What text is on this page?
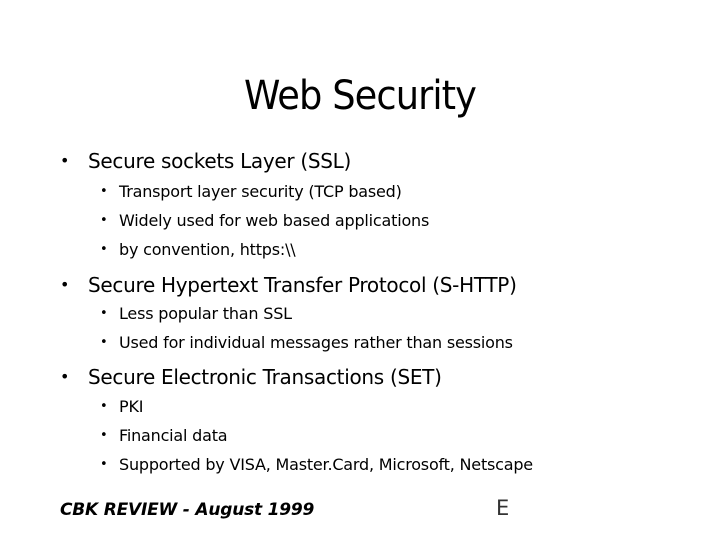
Web Security
• Secure sockets Layer (SSL)
• Transport layer security (TCP based)
• Widely used for web based applications
• by convention, https:\\
• Secure Hypertext Transfer Protocol (S-HTTP)
• Less popular than SSL
• Used for individual messages rather than sessions
• Secure Electronic Transactions (SET)
• PKI
• Financial data
• Supported by VISA, Master.Card, Microsoft, Netscape
CBK REVIEW - August 1999	E
